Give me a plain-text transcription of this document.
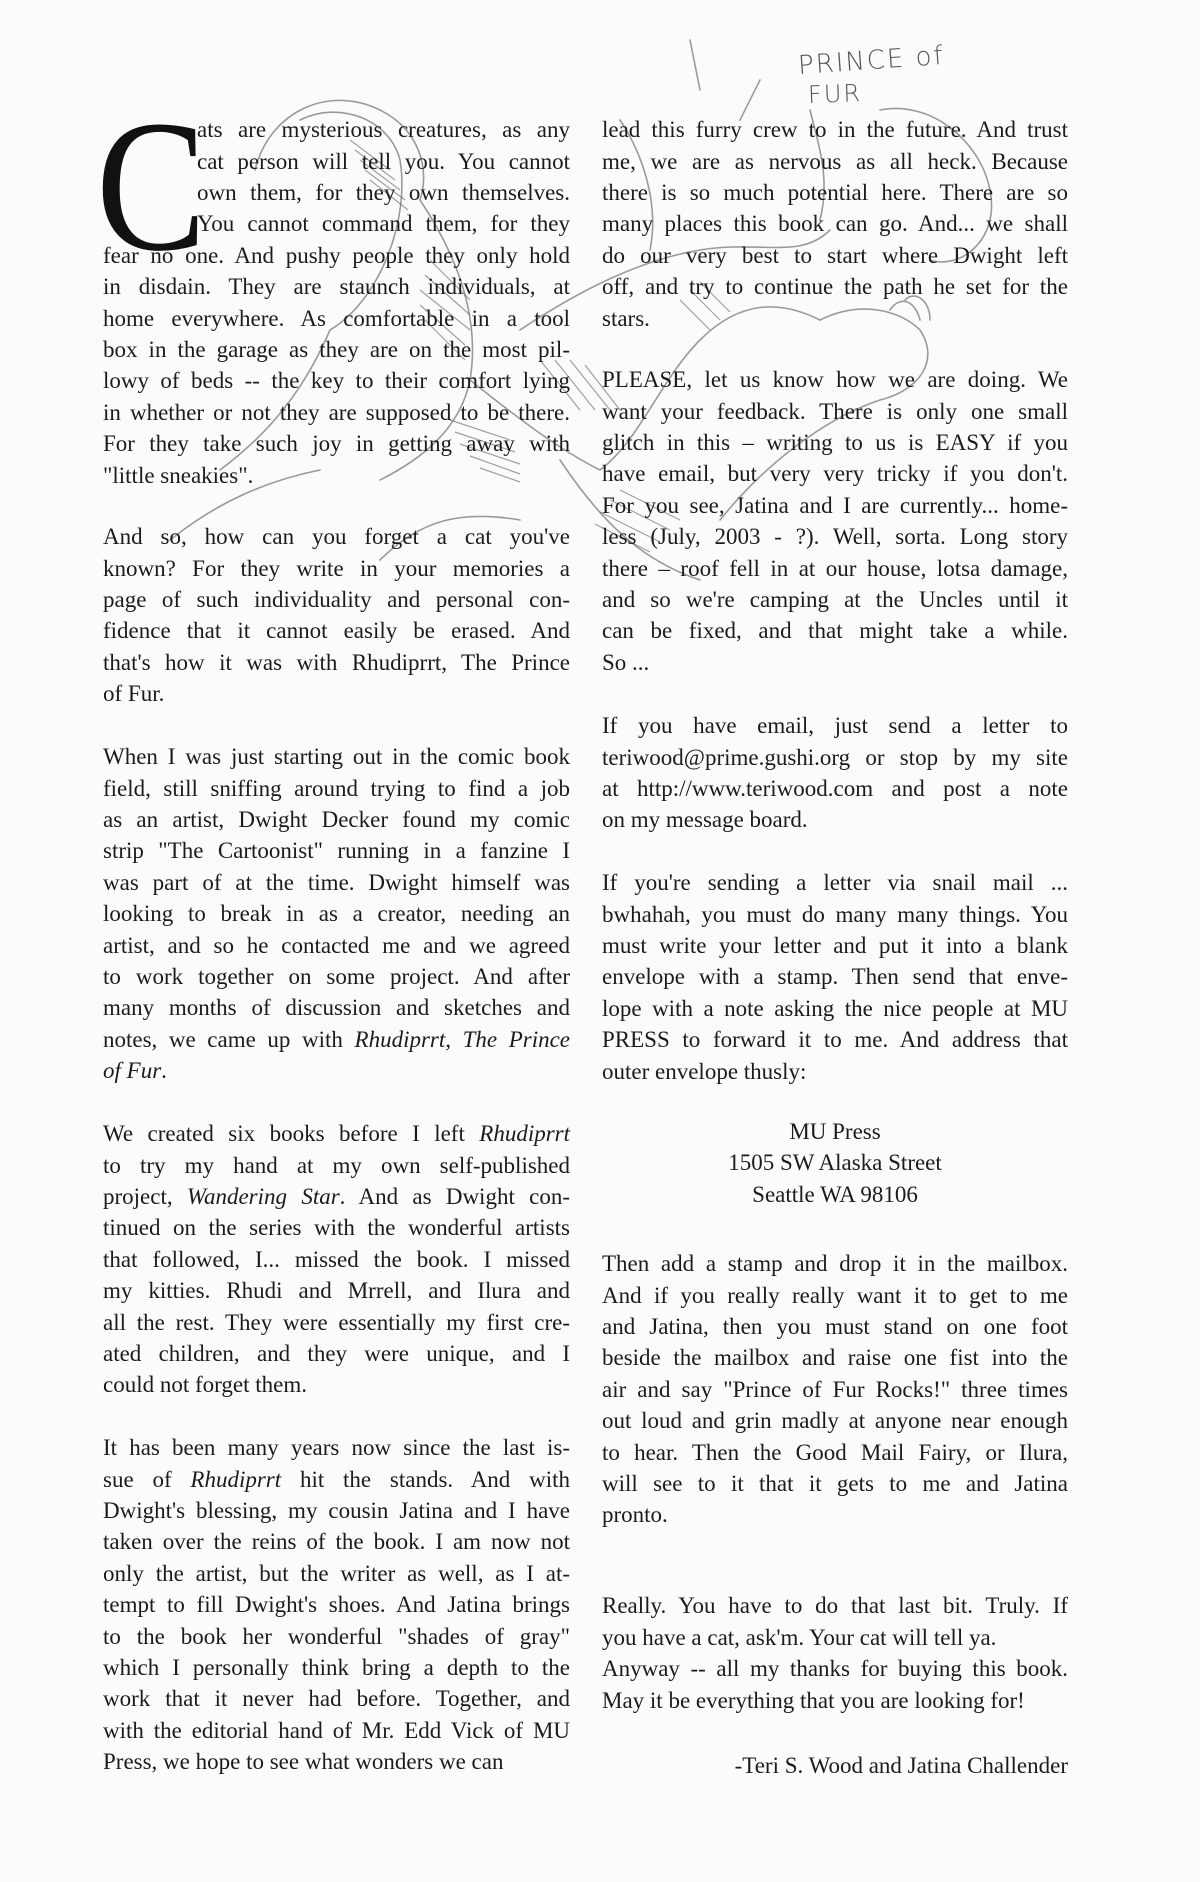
PRINCE of
FUR
C
ats are mysterious creatures, as any
cat person will tell you. You cannot
own them, for they own themselves.
You cannot command them, for they
fear no one. And pushy people they only hold
in disdain. They are staunch individuals, at
home everywhere. As comfortable in a tool
box in the garage as they are on the most pil-
lowy of beds -- the key to their comfort lying
in whether or not they are supposed to be there.
For they take such joy in getting away with
"little sneakies".
And so, how can you forget a cat you've
known? For they write in your memories a
page of such individuality and personal con-
fidence that it cannot easily be erased. And
that's how it was with Rhudiprrt, The Prince
of Fur.
When I was just starting out in the comic book
field, still sniffing around trying to find a job
as an artist, Dwight Decker found my comic
strip "The Cartoonist" running in a fanzine I
was part of at the time. Dwight himself was
looking to break in as a creator, needing an
artist, and so he contacted me and we agreed
to work together on some project. And after
many months of discussion and sketches and
notes, we came up with Rhudiprrt, The Prince
of Fur.
We created six books before I left Rhudiprrt
to try my hand at my own self-published
project, Wandering Star. And as Dwight con-
tinued on the series with the wonderful artists
that followed, I... missed the book. I missed
my kitties. Rhudi and Mrrell, and Ilura and
all the rest. They were essentially my first cre-
ated children, and they were unique, and I
could not forget them.
It has been many years now since the last is-
sue of Rhudiprrt hit the stands. And with
Dwight's blessing, my cousin Jatina and I have
taken over the reins of the book. I am now not
only the artist, but the writer as well, as I at-
tempt to fill Dwight's shoes. And Jatina brings
to the book her wonderful "shades of gray"
which I personally think bring a depth to the
work that it never had before. Together, and
with the editorial hand of Mr. Edd Vick of MU
Press, we hope to see what wonders we can
lead this furry crew to in the future. And trust
me, we are as nervous as all heck. Because
there is so much potential here. There are so
many places this book can go. And... we shall
do our very best to start where Dwight left
off, and try to continue the path he set for the
stars.
PLEASE, let us know how we are doing. We
want your feedback. There is only one small
glitch in this – writing to us is EASY if you
have email, but very very tricky if you don't.
For you see, Jatina and I are currently... home-
less (July, 2003 - ?). Well, sorta. Long story
there – roof fell in at our house, lotsa damage,
and so we're camping at the Uncles until it
can be fixed, and that might take a while.
So ...
If you have email, just send a letter to
teriwood@prime.gushi.org or stop by my site
at http://www.teriwood.com and post a note
on my message board.
If you're sending a letter via snail mail ...
bwhahah, you must do many many things. You
must write your letter and put it into a blank
envelope with a stamp. Then send that enve-
lope with a note asking the nice people at MU
PRESS to forward it to me. And address that
outer envelope thusly:
Then add a stamp and drop it in the mailbox.
And if you really really want it to get to me
and Jatina, then you must stand on one foot
beside the mailbox and raise one fist into the
air and say "Prince of Fur Rocks!" three times
out loud and grin madly at anyone near enough
to hear. Then the Good Mail Fairy, or Ilura,
will see to it that it gets to me and Jatina
pronto.
Really. You have to do that last bit. Truly. If
you have a cat, ask'm. Your cat will tell ya.
Anyway -- all my thanks for buying this book.
May it be everything that you are looking for!
MU Press
1505 SW Alaska Street
Seattle WA 98106
-Teri S. Wood and Jatina Challender
